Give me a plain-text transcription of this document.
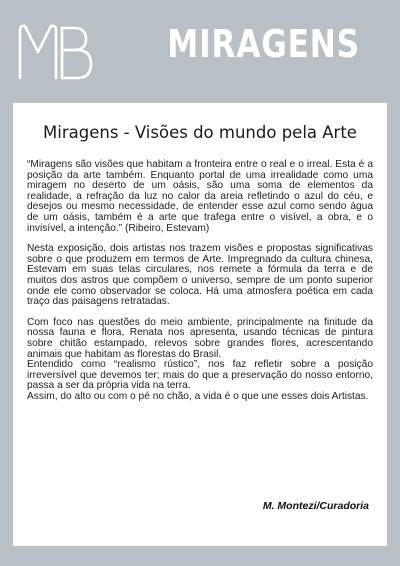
MIRAGENS
Miragens - Visões do mundo pela Arte

“Miragens são visões que habitam a fronteira entre o real e o irreal. Esta é a posição da arte também. Enquanto portal de uma irrealidade como uma miragem no deserto de um oásis, são uma soma de elementos da realidade, a refração da luz no calor da areia refletindo o azul do céu, e desejos ou mesmo necessidade, de entender esse azul como sendo água de um oásis, também é a arte que trafega entre o visível, a obra, e o invisível, a intenção.” (Ribeiro, Estevam)

Nesta exposição, dois artistas nos trazem visões e propostas significativas sobre o que produzem em termos de Arte. Impregnado da cultura chinesa, Estevam em suas telas circulares, nos remete a fórmula da terra e de muitos dos astros que compõem o universo, sempre de um ponto superior onde ele como observador se coloca. Há uma atmosfera poética em cada traço das paisagens retratadas.

Com foco nas questões do meio ambiente, principalmente na finitude da nossa fauna e flora, Renata nos apresenta, usando técnicas de pintura sobre chitão estampado, relevos sobre grandes flores, acrescentando animais que habitam as florestas do Brasil.

Entendido como “realismo rústico”, nos faz refletir sobre a posição irreversível que devemos ter; mais do que a preservação do nosso entorno, passa a ser da própria vida na terra.

Assim, do alto ou com o pé no chão, a vida é o que une esses dois Artistas.

M. Montezi/Curadoria
